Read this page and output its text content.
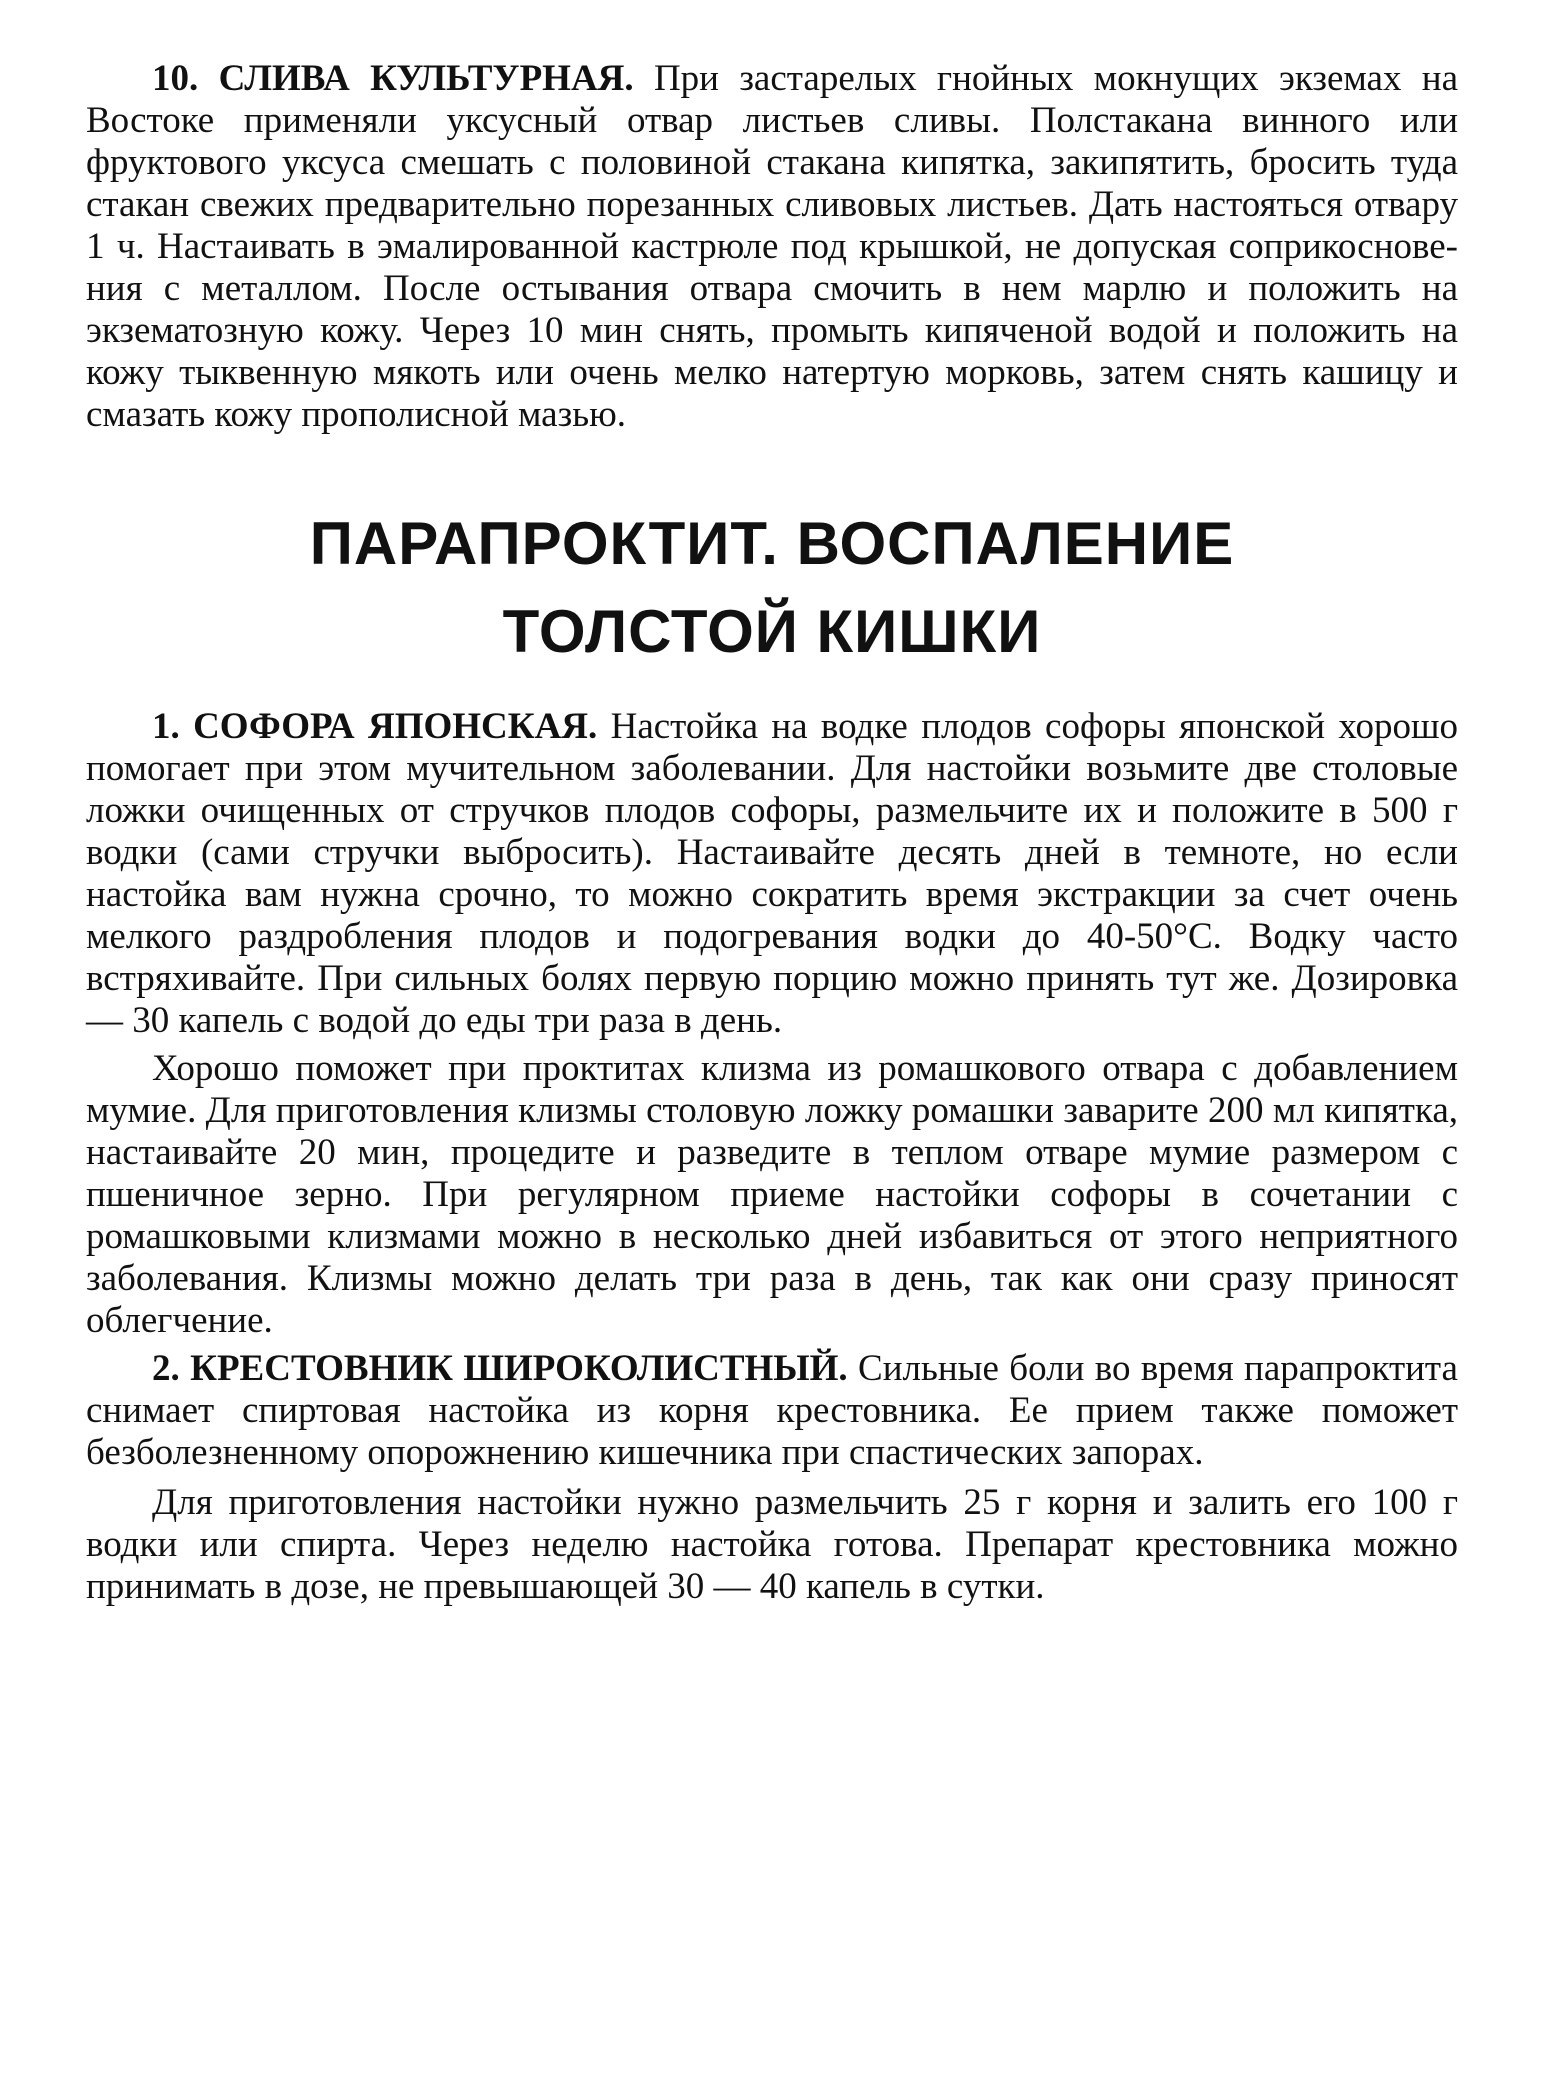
10. СЛИВА КУЛЬТУРНАЯ. При застарелых гнойных мокнущих экземах на Востоке применяли уксусный отвар листьев сливы. Полстакана винного или фруктового уксуса смешать с половиной стакана кипятка, закипятить, бросить туда стакан свежих предварительно порезанных сливовых листьев. Дать настояться отвару 1 ч. Настаивать в эмалированной кастрюле под крышкой, не допуская соприкосновения с металлом. После остывания отвара смочить в нем марлю и положить на экзематозную кожу. Через 10 мин снять, промыть кипяченой водой и положить на кожу тыквенную мякоть или очень мелко натертую морковь, затем снять кашицу и смазать кожу прополисной мазью.

ПАРАПРОКТИТ. ВОСПАЛЕНИЕ
ТОЛСТОЙ КИШКИ

1. СОФОРА ЯПОНСКАЯ. Настойка на водке плодов софоры японской хорошо помогает при этом мучительном заболевании. Для настойки возьмите две столовые ложки очищенных от стручков плодов софоры, размельчите их и положите в 500 г водки (сами стручки выбросить). Настаивайте десять дней в темноте, но если настойка вам нужна срочно, то можно сократить время экстракции за счет очень мелкого раздробления плодов и подогревания водки до 40-50°С. Водку часто встряхивайте. При сильных болях первую порцию можно принять тут же. Дозировка — 30 капель с водой до еды три раза в день.

Хорошо поможет при проктитах клизма из ромашкового отвара с добавлением мумие. Для приготовления клизмы столовую ложку ромашки заварите 200 мл кипятка, настаивайте 20 мин, процедите и разведите в теплом отваре мумие размером с пшеничное зерно. При регулярном приеме настойки софоры в сочетании с ромашковыми клизмами можно в несколько дней избавиться от этого неприятного заболевания. Клизмы можно делать три раза в день, так как они сразу приносят облегчение.

2. КРЕСТОВНИК ШИРОКОЛИСТНЫЙ. Сильные боли во время парапроктита снимает спиртовая настойка из корня крестовника. Ее прием также поможет безболезненному опорожнению кишечника при спастических запорах.

Для приготовления настойки нужно размельчить 25 г корня и залить его 100 г водки или спирта. Через неделю настойка готова. Препарат крестовника можно принимать в дозе, не превышающей 30 — 40 капель в сутки.
